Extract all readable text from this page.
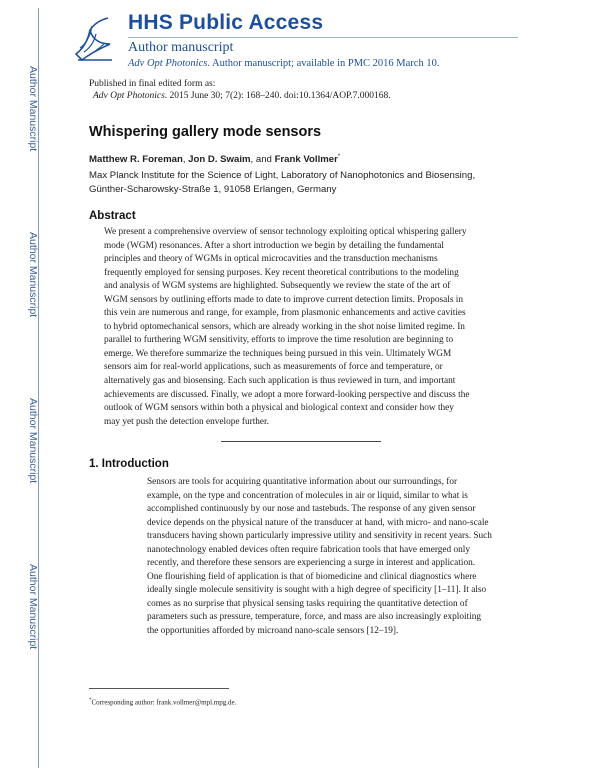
Author Manuscript
Author Manuscript
Author Manuscript
Author Manuscript
HHS Public Access
Author manuscript
Adv Opt Photonics. Author manuscript; available in PMC 2016 March 10.
Published in final edited form as:
Adv Opt Photonics. 2015 June 30; 7(2): 168–240. doi:10.1364/AOP.7.000168.
Whispering gallery mode sensors
Matthew R. Foreman, Jon D. Swaim, and Frank Vollmer*
Max Planck Institute for the Science of Light, Laboratory of Nanophotonics and Biosensing,
Günther-Scharowsky-Straße 1, 91058 Erlangen, Germany
Abstract
We present a comprehensive overview of sensor technology exploiting optical whispering gallery
mode (WGM) resonances. After a short introduction we begin by detailing the fundamental
principles and theory of WGMs in optical microcavities and the transduction mechanisms
frequently employed for sensing purposes. Key recent theoretical contributions to the modeling
and analysis of WGM systems are highlighted. Subsequently we review the state of the art of
WGM sensors by outlining efforts made to date to improve current detection limits. Proposals in
this vein are numerous and range, for example, from plasmonic enhancements and active cavities
to hybrid optomechanical sensors, which are already working in the shot noise limited regime. In
parallel to furthering WGM sensitivity, efforts to improve the time resolution are beginning to
emerge. We therefore summarize the techniques being pursued in this vein. Ultimately WGM
sensors aim for real-world applications, such as measurements of force and temperature, or
alternatively gas and biosensing. Each such application is thus reviewed in turn, and important
achievements are discussed. Finally, we adopt a more forward-looking perspective and discuss the
outlook of WGM sensors within both a physical and biological context and consider how they
may yet push the detection envelope further.
1. Introduction
Sensors are tools for acquiring quantitative information about our surroundings, for
example, on the type and concentration of molecules in air or liquid, similar to what is
accomplished continuously by our nose and tastebuds. The response of any given sensor
device depends on the physical nature of the transducer at hand, with micro- and nano-scale
transducers having shown particularly impressive utility and sensitivity in recent years. Such
nanotechnology enabled devices often require fabrication tools that have emerged only
recently, and therefore these sensors are experiencing a surge in interest and application.
One flourishing field of application is that of biomedicine and clinical diagnostics where
ideally single molecule sensitivity is sought with a high degree of specificity [1–11]. It also
comes as no surprise that physical sensing tasks requiring the quantitative detection of
parameters such as pressure, temperature, force, and mass are also increasingly exploiting
the opportunities afforded by microand nano-scale sensors [12–19].
*Corresponding author: frank.vollmer@mpl.mpg.de.
